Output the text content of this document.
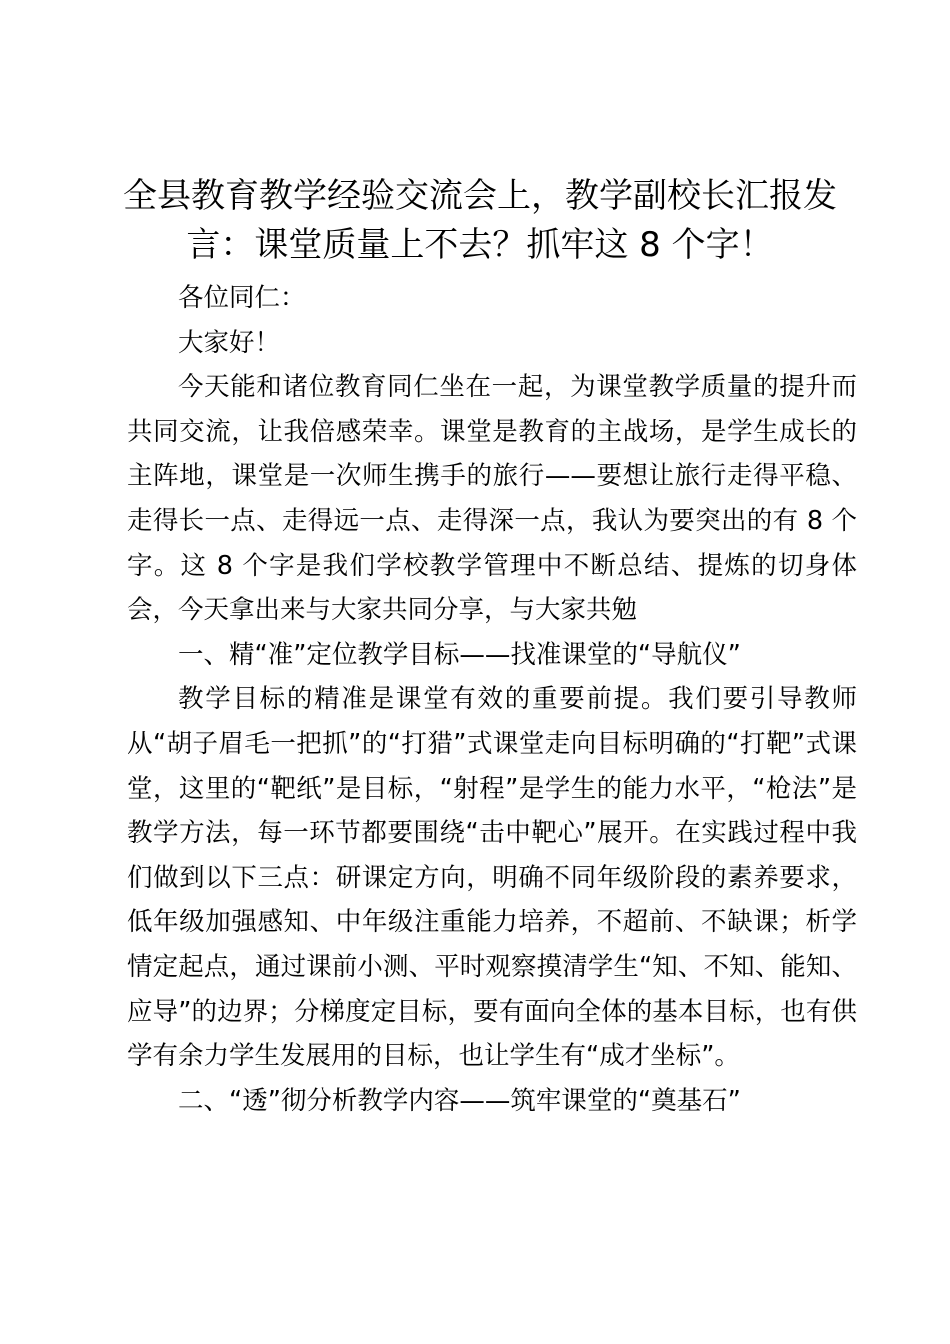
全县教育教学经验交流会上，教学副校长汇报发言：课堂质量上不去？抓牢这 8 个字！

各位同仁：

大家好！

今天能和诸位教育同仁坐在一起，为课堂教学质量的提升而共同交流，让我倍感荣幸。课堂是教育的主战场，是学生成长的主阵地，课堂是一次师生携手的旅行——要想让旅行走得平稳、走得长一点、走得远一点、走得深一点，我认为要突出的有 8 个字。这 8 个字是我们学校教学管理中不断总结、提炼的切身体会，今天拿出来与大家共同分享，与大家共勉

一、精“准”定位教学目标——找准课堂的“导航仪”

教学目标的精准是课堂有效的重要前提。我们要引导教师从“胡子眉毛一把抓”的“打猎”式课堂走向目标明确的“打靶”式课堂，这里的“靶纸”是目标，“射程”是学生的能力水平，“枪法”是教学方法，每一环节都要围绕“击中靶心”展开。在实践过程中我们做到以下三点：研课定方向，明确不同年级阶段的素养要求，低年级加强感知、中年级注重能力培养，不超前、不缺课；析学情定起点，通过课前小测、平时观察摸清学生“知、不知、能知、应导”的边界；分梯度定目标，要有面向全体的基本目标，也有供学有余力学生发展用的目标，也让学生有“成才坐标”。

二、“透”彻分析教学内容——筑牢课堂的“奠基石”
